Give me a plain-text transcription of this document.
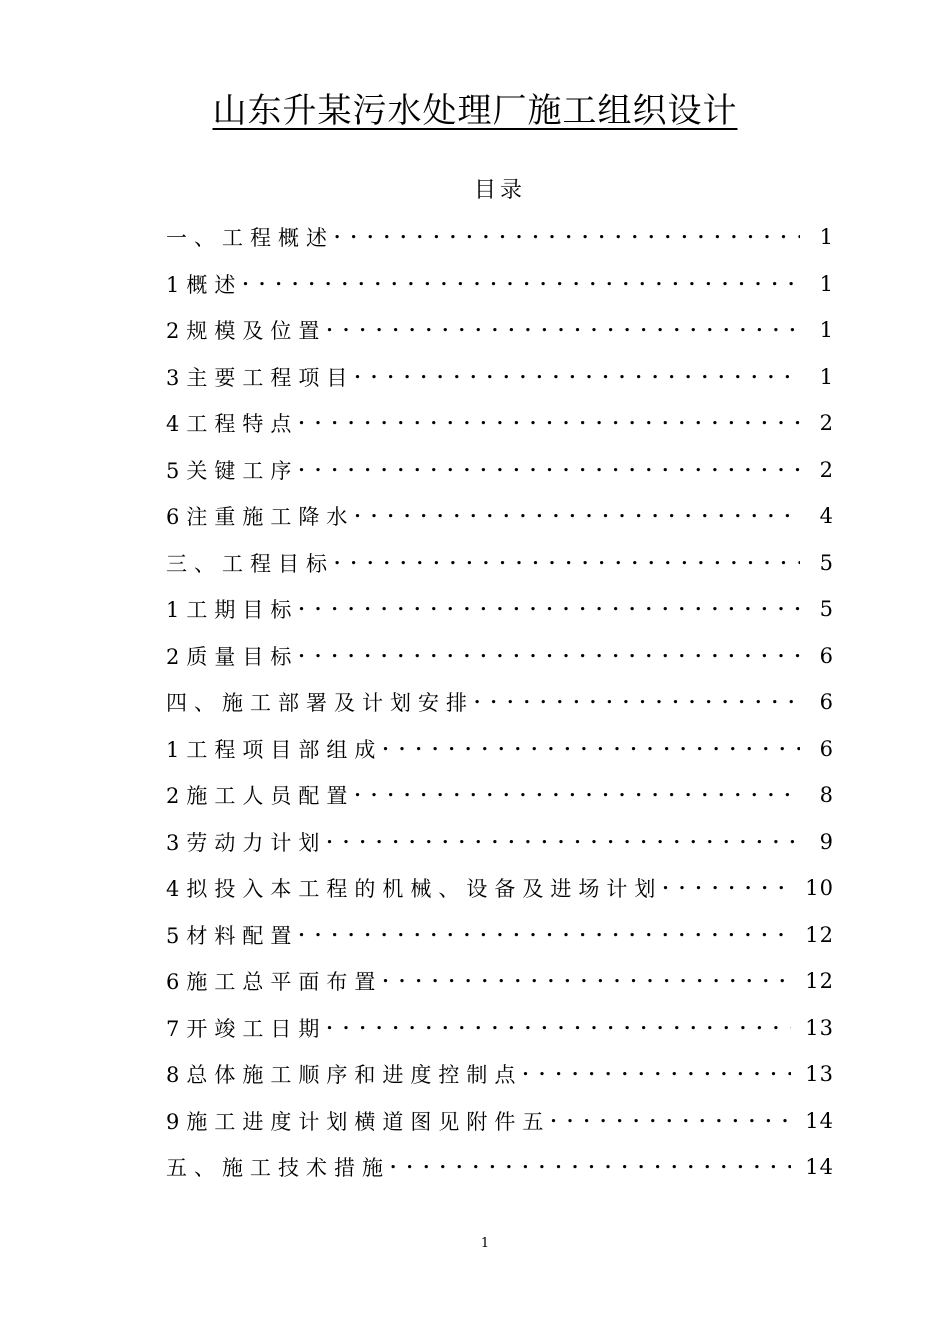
山东升某污水处理厂施工组织设计
目录
一、工程概述 . . .	1
1概述 . . .	1
2规模及位置 . . .	1
3主要工程项目 . . .	1
4工程特点 . . .	2
5关键工序 . . .	2
6注重施工降水 . . .	4
三、工程目标 . . .	5
1工期目标 . . .	5
2质量目标 . . .	6
四、施工部署及计划安排 . . .	6
1工程项目部组成 . . .	6
2施工人员配置 . . .	8
3劳动力计划 . . .	9
4拟投入本工程的机械、设备及进场计划 . . .	10
5材料配置 . . .	12
6施工总平面布置 . . .	12
7开竣工日期 . . .	13
8总体施工顺序和进度控制点 . . .	13
9施工进度计划横道图见附件五 . . .	14
五、施工技术措施 . . .	14
1
